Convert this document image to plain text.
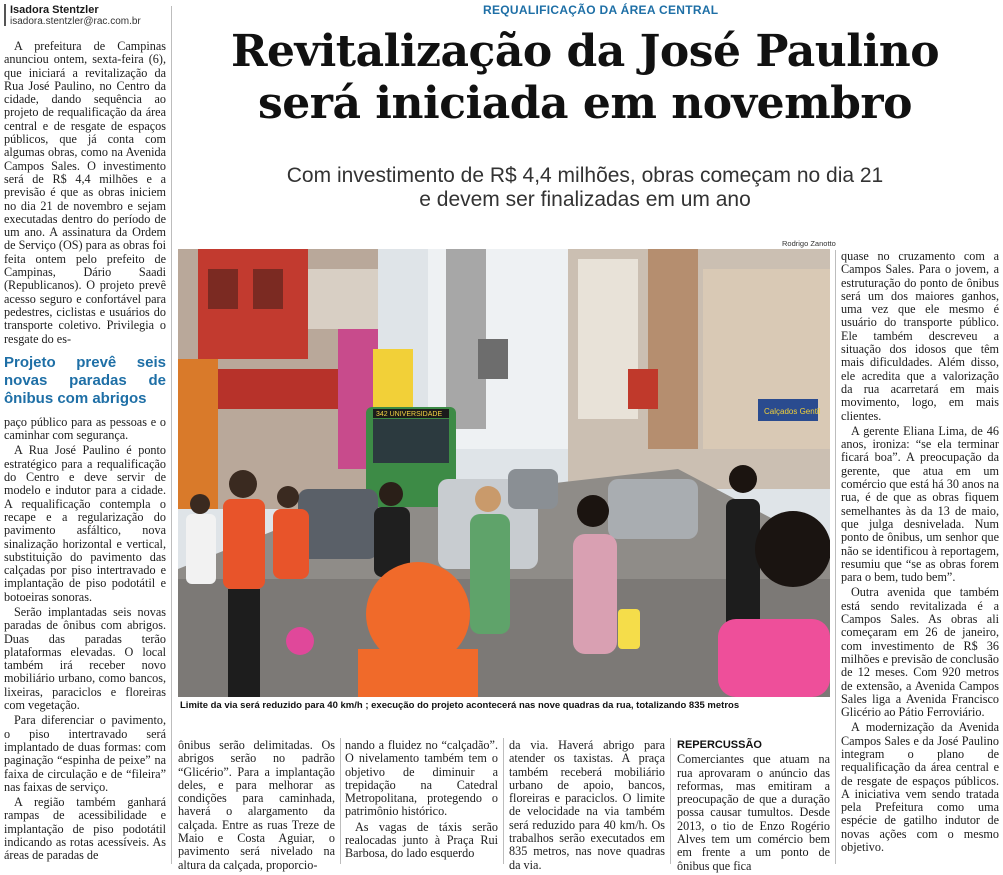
Isadora Stentzler
isadora.stentzler@rac.com.br
REQUALIFICAÇÃO DA ÁREA CENTRAL
Revitalização da José Paulino
será iniciada em novembro
Com investimento de R$ 4,4 milhões, obras começam no dia 21
e devem ser finalizadas em um ano

A prefeitura de Campinas anunciou ontem, sexta-feira (6), que iniciará a revitalização da Rua José Paulino, no Centro da cidade, dando sequência ao projeto de requalificação da área central e de resgate de espaços públicos, que já conta com algumas obras, como na Avenida Campos Sales. O investimento será de R$ 4,4 milhões e a previsão é que as obras iniciem no dia 21 de novembro e sejam executadas dentro do período de um ano. A assinatura da Ordem de Serviço (OS) para as obras foi feita ontem pelo prefeito de Campinas, Dário Saadi (Republicanos). O projeto prevê acesso seguro e confortável para pedestres, ciclistas e usuários do transporte coletivo. Privilegia o resgate do es-

Projeto prevê seis novas paradas de ônibus com abrigos

paço público para as pessoas e o caminhar com segurança.

A Rua José Paulino é ponto estratégico para a requalificação do Centro e deve servir de modelo e indutor para a cidade. A requalificação contempla o recape e a regularização do pavimento asfáltico, nova sinalização horizontal e vertical, substituição do pavimento das calçadas por piso intertravado e implantação de piso podotátil e botoeiras sonoras.

Serão implantadas seis novas paradas de ônibus com abrigos. Duas das paradas terão plataformas elevadas. O local também irá receber novo mobiliário urbano, como bancos, lixeiras, paraciclos e floreiras com vegetação.

Para diferenciar o pavimento, o piso intertravado será implantado de duas formas: com paginação “espinha de peixe” na faixa de circulação e de “fileira” nas faixas de serviço.

A região também ganhará rampas de acessibilidade e implantação de piso podotátil indicando as rotas acessíveis. As áreas de paradas de

Rodrigo Zanotto
Calçados Gentil
342 UNIVERSIDADE
Limite da via será reduzido para 40 km/h ; execução do projeto acontecerá nas nove quadras da rua, totalizando 835 metros

ônibus serão delimitadas. Os abrigos serão no padrão “Glicério”. Para a implantação deles, e para melhorar as condições para caminhada, haverá o alargamento da calçada. Entre as ruas Treze de Maio e Costa Aguiar, o pavimento será nivelado na altura da calçada, proporcio-

nando a fluidez no “calçadão”. O nivelamento também tem o objetivo de diminuir a trepidação na Catedral Metropolitana, protegendo o patrimônio histórico.

As vagas de táxis serão realocadas junto à Praça Rui Barbosa, do lado esquerdo

da via. Haverá abrigo para atender os taxistas. A praça também receberá mobiliário urbano de apoio, bancos, floreiras e paraciclos. O limite de velocidade na via também será reduzido para 40 km/h. Os trabalhos serão executados em 835 metros, nas nove quadras da via.

REPERCUSSÃO

Comerciantes que atuam na rua aprovaram o anúncio das reformas, mas emitiram a preocupação de que a duração possa causar tumultos. Desde 2013, o tio de Enzo Rogério Alves tem um comércio bem em frente a um ponto de ônibus que fica

quase no cruzamento com a Campos Sales. Para o jovem, a estruturação do ponto de ônibus será um dos maiores ganhos, uma vez que ele mesmo é usuário do transporte público. Ele também descreveu a situação dos idosos que têm mais dificuldades. Além disso, ele acredita que a valorização da rua acarretará em mais movimento, logo, em mais clientes.

A gerente Eliana Lima, de 46 anos, ironiza: “se ela terminar ficará boa”. A preocupação da gerente, que atua em um comércio que está há 30 anos na rua, é de que as obras fiquem semelhantes às da 13 de maio, que julga desnivelada. Num ponto de ônibus, um senhor que não se identificou à reportagem, resumiu que “se as obras forem para o bem, tudo bem”.

Outra avenida que também está sendo revitalizada é a Campos Sales. As obras ali começaram em 26 de janeiro, com investimento de R$ 36 milhões e previsão de conclusão de 12 meses. Com 920 metros de extensão, a Avenida Campos Sales liga a Avenida Francisco Glicério ao Pátio Ferroviário.

A modernização da Avenida Campos Sales e da José Paulino integram o plano de requalificação da área central e de resgate de espaços públicos. A iniciativa vem sendo tratada pela Prefeitura como uma espécie de gatilho indutor de novas ações com o mesmo objetivo.
